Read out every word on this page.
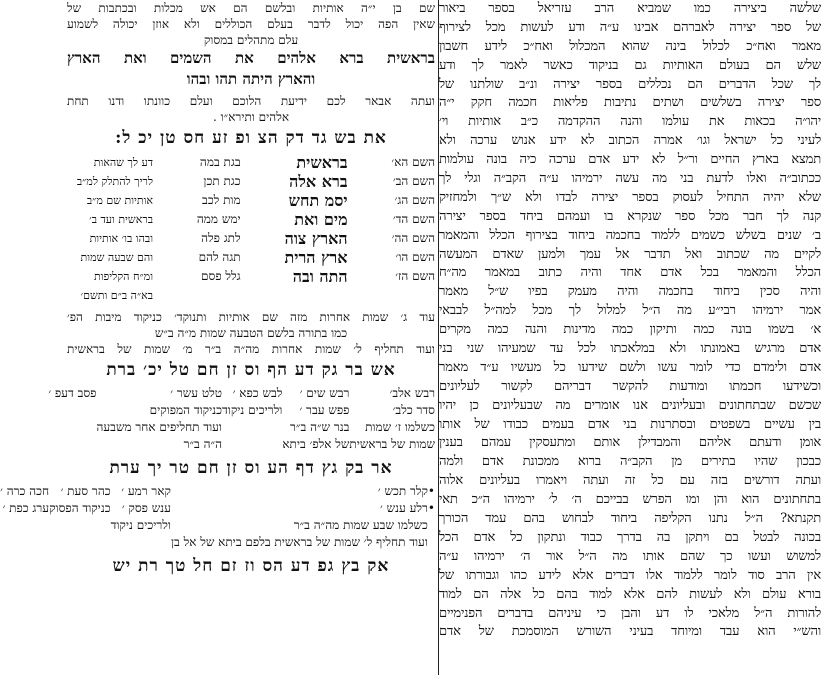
שלשה ביצירה כמו שמביא הרב עזריאל בספר ביאור
של ספר יצירה לאברהם אבינו ע״ה ודע לעשות מכל לצירוף
מאמר ואח״כ לכלול בינה שהוא המכלול ואח״כ לידע חשבון
שלש הם בעולם האותיות גם בניקוד כאשר לאמר לך ודע
לך שכל הדברים הם נכללים בספר יצירה ונ״ב שולתנו של
ספר יצירה בשלשים ושתים נתיבות פליאות חכמה חקק י״ה
יהו״ה בכאות את עולמו והנה ההקדמה כ״ב אותיות וי׳
לעיני כל ישראל וגו׳ אמרה הכתוב לא ידע אנוש ערכה ולא
תמצא בארץ החיים ור״ל לא ידע אדם ערכה כיה בונה עולמות
ככתוב״ה ואלו לדעת בני מה עשה ירמיהו ע״ה הקב״ה וגלי לך
שלא יהיה התחיל לעסוק בספר יצירה לבדו ולא ש״ך ולמחזיק
קנה לך חבר מכל ספר שנקרא בו ועמהם ביחד בספר יצירה
ב׳ שנים בשלש כשמים ללמוד בחכמה ביחוד בצירוף הכלל והמאמר
לקיים מה שכתוב ואל תדבר אל עמך ולמען שאדם המעשה
הכלל והמאמר בכל אדם אחד והיה כתוב במאמר מה״ח
והיה סכין ביחוד בחכמה והיה מעמק בפיו ש״ל מאמר
אמר ירמיהו רבי״ע מה ה״ל למלול לך מכל למה״ל לבבאי
א׳ בשמו בונה כמה ותיקון כמה מדינות והנה כמה מקרים
אדם מרגיש באמונתו ולא במלאכתו לכל עד שמעיהו שני בני
אדם ולימדם כדי לומר עשו ולשם שידעו כל מעשיו ע״ד מאמר
וכשידעו חכמתו ומודעות להקשר דבריהם לקשור לעליונים
שכשם שבתחתונים ובעליונים אנו אומרים מה שבעליונים כן יהיו
בין עשיים בשפטים ובסתרנות בני אדם בעמים כבודו של אותו
אומן ודעתם אליהם והמבדילן אותם ומתעסקין עמהם בענין
כבכון שהיו בתירים מן הקב״ה ברוא ממכונת אדם ולמה
ועתה דורשים בזה עם כל זה ועתה ויאמרו בעליונים אלוה
בתחתונים הוא והן ומו הפרש בבייכם ה׳ ל׳ ירמיהו ה״כ תאי
תקנתא? ה״ל נתנו הקליפה ביחוד לבחוש בהם עמד הכורך
בכונה לבטל בם ויתקן בה בדרך כבוד ונתקון כל אדם הכל
למשוש ועשו כך שהם אותו מה ה״ל אור ה׳ ירמיהו ע״ה
אין הרב סוד לומר ללמוד אלו דברים אלא לידע כהו וגבורתו של
בורא עולם ולא לעשות להם אלא למוד בהם כל אלה הם למוד
להורות ה״ל מלאכי לו דע והבן כי עיניהם בדברים הפנימיים
והש״י הוא עבד ומיוחד בעיני השורש המוסמכת של אדם
שם בן י״ה אותיות ובלשם הם אש מכלות ובכתבות של
שאין הפה יכול לדבר בעלם הכוללים ולא אוזן יכולה לשמוע
עלם מתהלים במסוק
בראשית ברא אלהים את השמים ואת הארץ
והארץ היתה תהו ובהו
ועתה אבאר לכם ידיעת הלוכם ועלם כוונתו ודנו תחת
אלהים ותירא״ו .
את בש גד דק הצ ופ זע חס טן יכ ל:
השם הא׳
השם הב׳
השם הג׳
השם הד׳
השם הה׳
השם הו׳
השם הז׳
בראשית
ברא אלה
יסמ תחש
מים ואת
הארץ צוה
ארץ הרית
התה ובה
בגת במה
כגת תכן
מות לכב
ימש ממה
לתג פלה
תגה להם
גלל פסם
דע לך שהאות
לריך להתלק למ״ב
אותיות שם מ״ב
בראשית ועד ב׳
ובהו בו׳ אותיות
והם שבעה שמות
ומ״ח הקליפות
בא״ה ב״ם ותשם׳
עוד ג׳ שמות אחרות מזה שם אותיות ותנוקד׳ כניקוד מיבות הפ׳
כמו בתורה בלשם הטבעה שמות מ״ה ב״ש
ועוד תחליף ל׳ שמות אחרות מה״ה ב״ר מ׳ שמות של בראשית
אש בר גק דע הף וס זן חם טל יכ׳ ברת
רבש אלב׳
סדר כלב׳
כשלמו ז׳ שמות
שמות של בראשית
רבש שים ׳
פפש עבר ׳
בנר ש״ה ב״ר
של אלפ׳ ביתא
לבש כפא ׳
ולריכים ניקוד
טלט עשר ׳
כניקוד המפוקים
ועוד תחליפים אחר משבעה
ה״ה ב״ר
פסב דעפ ׳
אר בק גץ דף הע וס זן חם טר יך ערת
•
•
קלר תכש ׳
רלע ענש ׳
כשלמו שבע שמות מה״ה ב״ר
ועוד תחליף ל׳ שמות של בראשית בלפם ביתא של אל בן
קאר רמע ׳
ענש פסק ׳
ולריכים ניקוד
כהר סעת ׳
כניקוד הפסוק
חכה כרה ׳
ערג כפת ׳
אק בץ גפ דע הס וז זם חל טך רת יש
